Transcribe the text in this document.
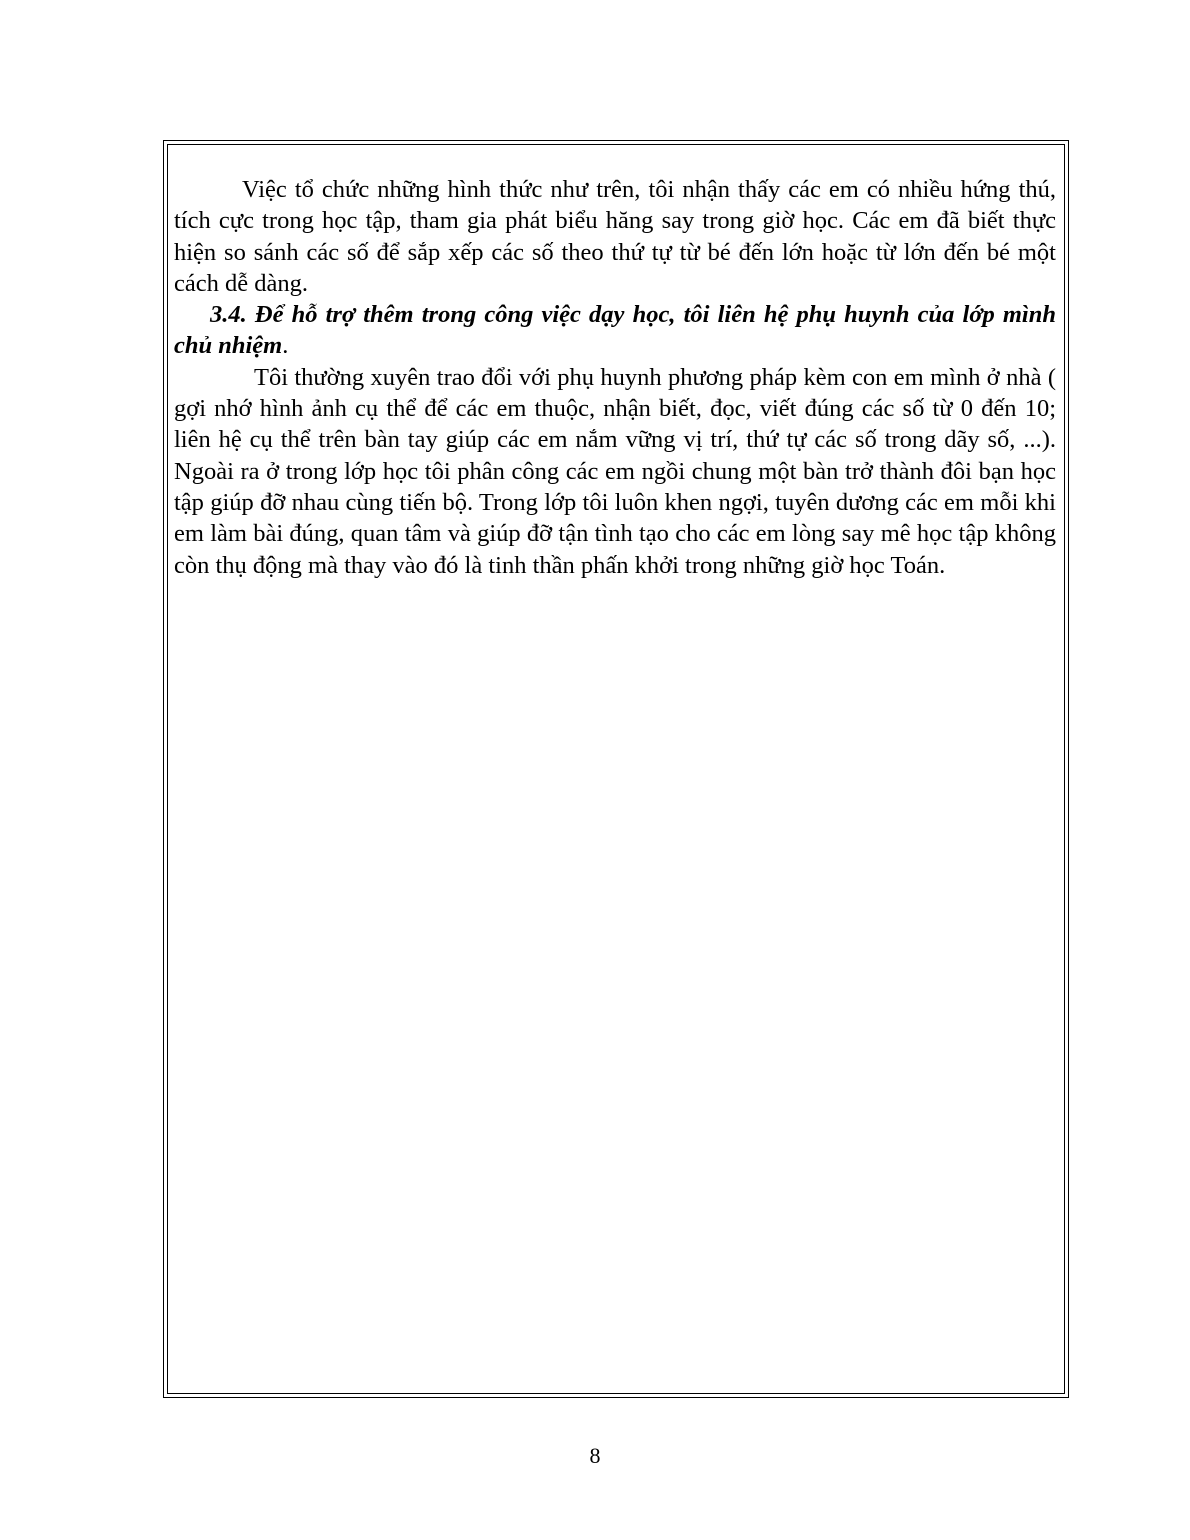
Việc tổ chức những hình thức như trên, tôi nhận thấy các em có nhiều hứng thú, tích cực trong học tập, tham gia phát biểu hăng say trong giờ học. Các em đã biết thực hiện so sánh các số để sắp xếp các số theo thứ tự từ bé đến lớn hoặc từ lớn đến bé một cách dễ dàng.

3.4. Để hỗ trợ thêm trong công việc dạy học, tôi liên hệ phụ huynh của lớp mình chủ nhiệm.

Tôi thường xuyên trao đổi với phụ huynh phương pháp kèm con em mình ở nhà ( gợi nhớ hình ảnh cụ thể để các em thuộc, nhận biết, đọc, viết đúng các số từ 0 đến 10; liên hệ cụ thể trên bàn tay giúp các em nắm vững vị trí, thứ tự các số trong dãy số, ...). Ngoài ra ở trong lớp học tôi phân công các em ngồi chung một bàn trở thành đôi bạn học tập giúp đỡ nhau cùng tiến bộ. Trong lớp tôi luôn khen ngợi, tuyên dương các em mỗi khi em làm bài đúng, quan tâm và giúp đỡ tận tình tạo cho các em lòng say mê học tập không còn thụ động mà thay vào đó là tinh thần phấn khởi trong những giờ học Toán.

8
